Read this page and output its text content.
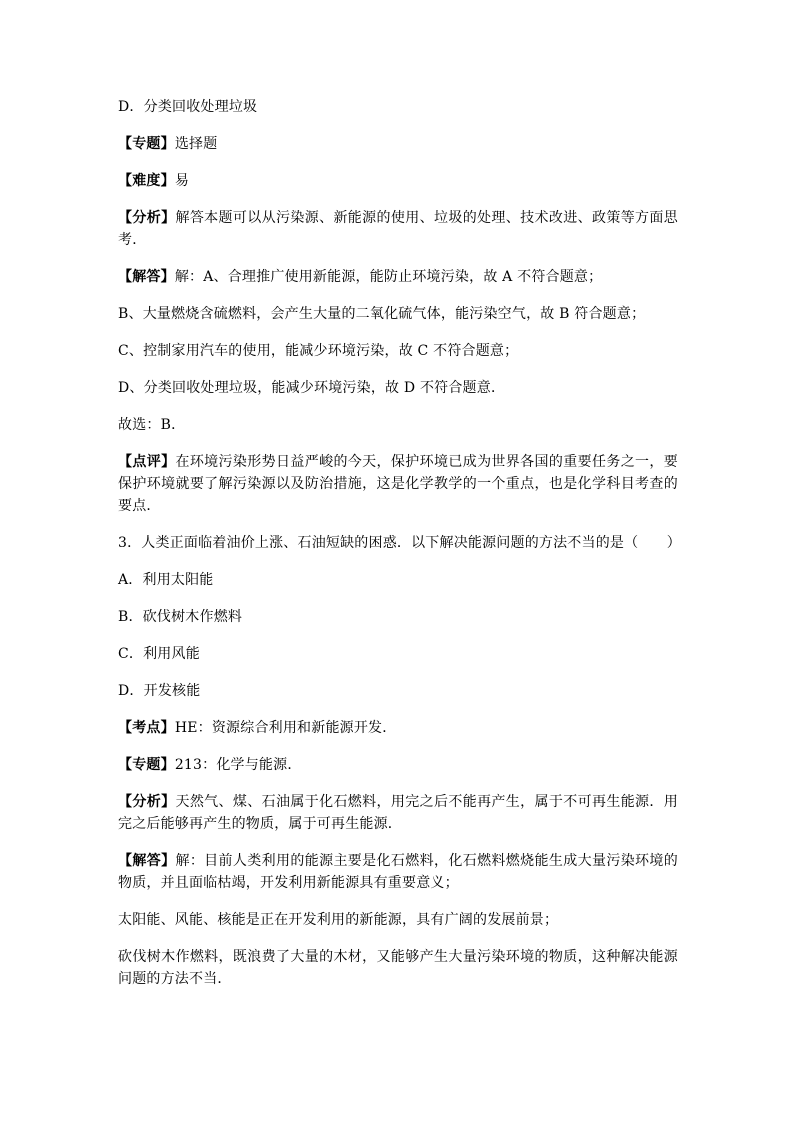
D．分类回收处理垃圾

【专题】选择题

【难度】易

【分析】解答本题可以从污染源、新能源的使用、垃圾的处理、技术改进、政策等方面思考．

【解答】解：A、合理推广使用新能源，能防止环境污染，故 A 不符合题意；

B、大量燃烧含硫燃料，会产生大量的二氧化硫气体，能污染空气，故 B 符合题意；

C、控制家用汽车的使用，能减少环境污染，故 C 不符合题意；

D、分类回收处理垃圾，能减少环境污染，故 D 不符合题意．

故选：B．

【点评】在环境污染形势日益严峻的今天，保护环境已成为世界各国的重要任务之一，要保护环境就要了解污染源以及防治措施，这是化学教学的一个重点，也是化学科目考查的要点．

3．人类正面临着油价上涨、石油短缺的困惑．以下解决能源问题的方法不当的是（　　）

A．利用太阳能

B．砍伐树木作燃料

C．利用风能

D．开发核能

【考点】HE：资源综合利用和新能源开发．

【专题】213：化学与能源．

【分析】天然气、煤、石油属于化石燃料，用完之后不能再产生，属于不可再生能源．用完之后能够再产生的物质，属于可再生能源．

【解答】解：目前人类利用的能源主要是化石燃料，化石燃料燃烧能生成大量污染环境的物质，并且面临枯竭，开发利用新能源具有重要意义；

太阳能、风能、核能是正在开发利用的新能源，具有广阔的发展前景；

砍伐树木作燃料，既浪费了大量的木材，又能够产生大量污染环境的物质，这种解决能源问题的方法不当．
